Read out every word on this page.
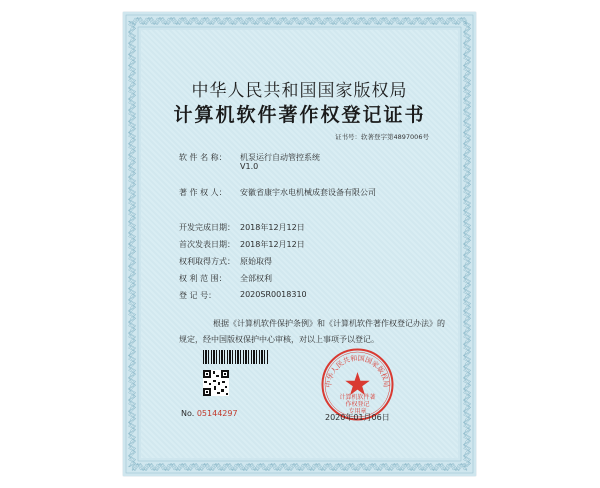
中华人民共和国国家版权局
计算机软件著作权登记证书
证书号：软著登字第4897006号
软 件 名 称： 机泵运行自动管控系统
V1.0
著 作 权 人： 安徽省康宇水电机械成套设备有限公司
开发完成日期： 2018年12月12日
首次发表日期： 2018年12月12日
权利取得方式： 原始取得
权 利 范 围： 全部权利
登 记 号：	2020SR0018310
根据《计算机软件保护条例》和《计算机软件著作权登记办法》的
规定，经中国版权保护中心审核，对以上事项予以登记。
No. 05144297
中华人民共和国国家版权局
计算机软件著
作权登记
专用章
2020年01月06日
